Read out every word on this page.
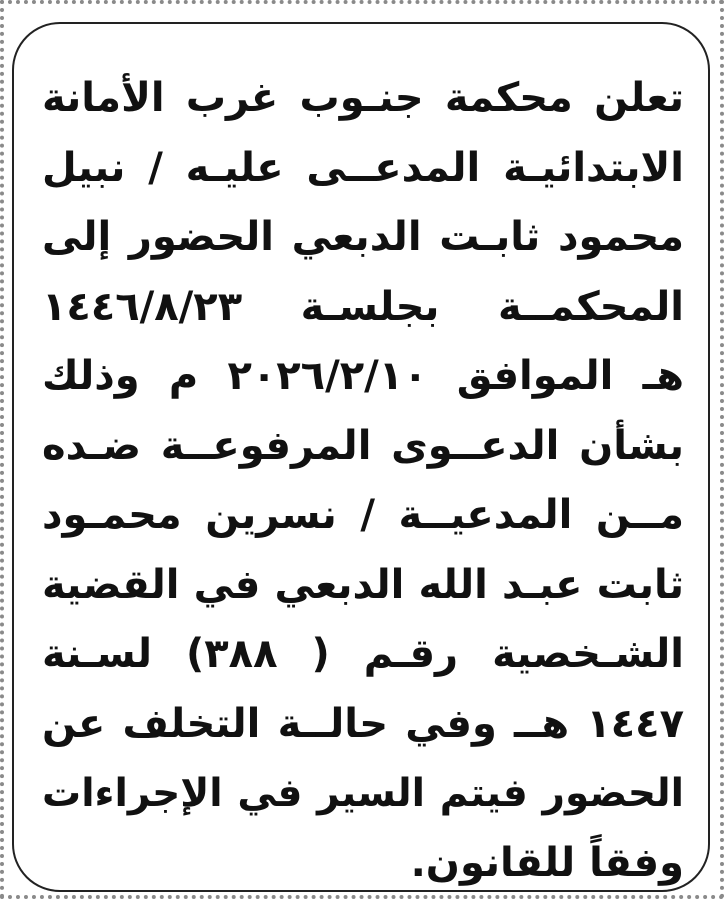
تعلن محكمة جنـوب غرب الأمانة
الابتدائيـة المدعــى عليـه / نبيل
محمود ثابـت الدبعي الحضور إلى
المحكمــة بجلسـة ١٤٤٦/٨/٢٣
هـ الموافق ٢٠٢٦/٢/١٠ م وذلك
بشأن الدعــوى المرفوعــة ضـده
مــن المدعيــة / نسرين محمـود
ثابت عبـد الله الدبعي في القضية
الشـخصية رقـم ( ٣٨٨) لسـنة
١٤٤٧ هــ وفي حالــة التخلف عن
الحضور فيتم السير في الإجراءات
وفقاً للقانون.
